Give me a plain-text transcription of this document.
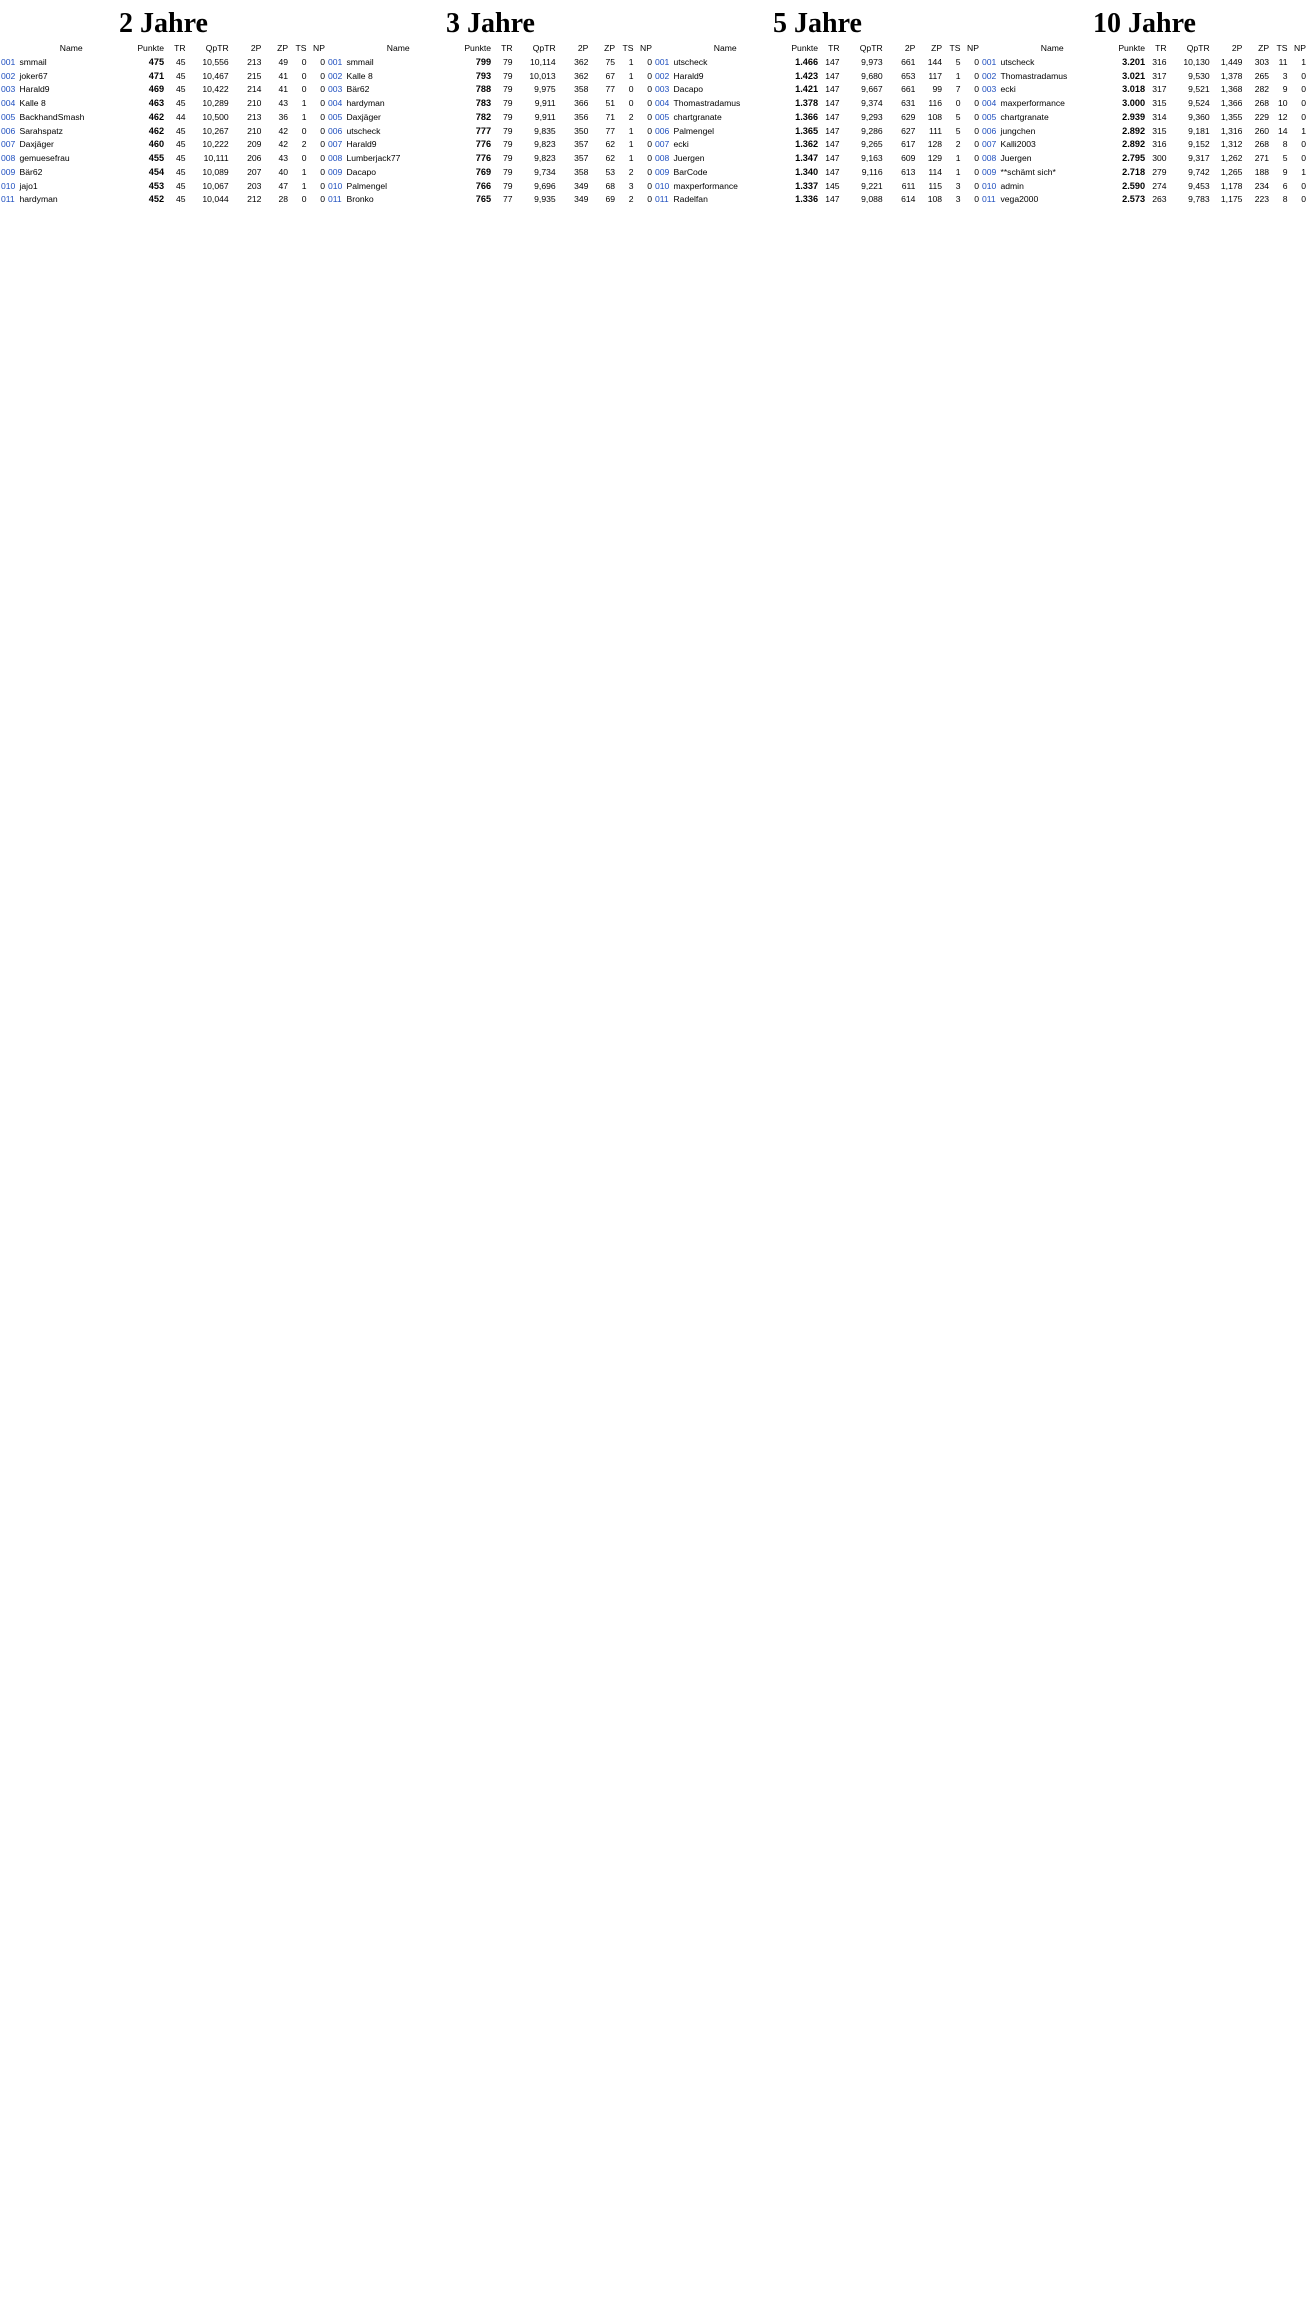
2 Jahre
	Name	Punkte	TR	QpTR	2P	ZP	TS	NP
001	smmail	475	45	10,556	213	49	0	0
002	joker67	471	45	10,467	215	41	0	0
003	Harald9	469	45	10,422	214	41	0	0
004	Kalle 8	463	45	10,289	210	43	1	0
005	BackhandSmash	462	44	10,500	213	36	1	0
006	Sarahspatz	462	45	10,267	210	42	0	0
007	Daxjäger	460	45	10,222	209	42	2	0
008	gemuesefrau	455	45	10,111	206	43	0	0
009	Bär62	454	45	10,089	207	40	1	0
010	jajo1	453	45	10,067	203	47	1	0
011	hardyman	452	45	10,044	212	28	0	0
3 Jahre
	Name	Punkte	TR	QpTR	2P	ZP	TS	NP
001	smmail	799	79	10,114	362	75	1	0
002	Kalle 8	793	79	10,013	362	67	1	0
003	Bär62	788	79	9,975	358	77	0	0
004	hardyman	783	79	9,911	366	51	0	0
005	Daxjäger	782	79	9,911	356	71	2	0
006	utscheck	777	79	9,835	350	77	1	0
007	Harald9	776	79	9,823	357	62	1	0
008	Lumberjack77	776	79	9,823	357	62	1	0
009	Dacapo	769	79	9,734	358	53	2	0
010	Palmengel	766	79	9,696	349	68	3	0
011	Bronko	765	77	9,935	349	69	2	0
5 Jahre
	Name	Punkte	TR	QpTR	2P	ZP	TS	NP
001	utscheck	1.466	147	9,973	661	144	5	0
002	Harald9	1.423	147	9,680	653	117	1	0
003	Dacapo	1.421	147	9,667	661	99	7	0
004	Thomastradamus	1.378	147	9,374	631	116	0	0
005	chartgranate	1.366	147	9,293	629	108	5	0
006	Palmengel	1.365	147	9,286	627	111	5	0
007	ecki	1.362	147	9,265	617	128	2	0
008	Juergen	1.347	147	9,163	609	129	1	0
009	BarCode	1.340	147	9,116	613	114	1	0
010	maxperformance	1.337	145	9,221	611	115	3	0
011	Radelfan	1.336	147	9,088	614	108	3	0
10 Jahre
	Name	Punkte	TR	QpTR	2P	ZP	TS	NP
001	utscheck	3.201	316	10,130	1,449	303	11	1
002	Thomastradamus	3.021	317	9,530	1,378	265	3	0
003	ecki	3.018	317	9,521	1,368	282	9	0
004	maxperformance	3.000	315	9,524	1,366	268	10	0
005	chartgranate	2.939	314	9,360	1,355	229	12	0
006	jungchen	2.892	315	9,181	1,316	260	14	1
007	Kalli2003	2.892	316	9,152	1,312	268	8	0
008	Juergen	2.795	300	9,317	1,262	271	5	0
009	**schämt sich*	2.718	279	9,742	1,265	188	9	1
010	admin	2.590	274	9,453	1,178	234	6	0
011	vega2000	2.573	263	9,783	1,175	223	8	0
